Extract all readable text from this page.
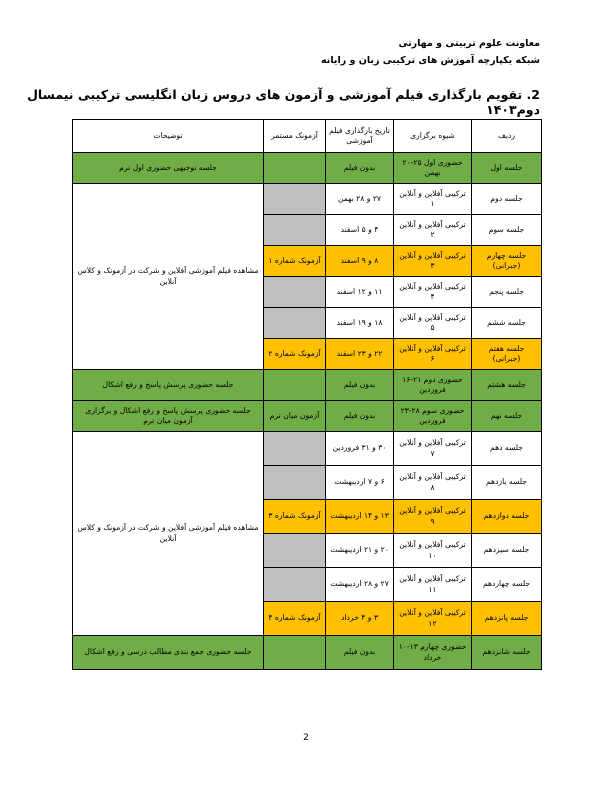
معاونت علوم تربیتی و مهارتی
شبکه یکپارچه آموزش های ترکیبی زبان و رایانه
2. تقویم بارگذاری فیلم آموزشی و آزمون های دروس زبان انگلیسی ترکیبی نیمسال دوم۱۴۰۳
ردیف	شیوه برگزاری	تاریخ بارگذاری فیلم آموزشی	آزمونک مستمر	توضیحات
جلسه اول	حضوری اول ۲۵-۲۰ بهمن	بدون فیلم		جلسه توجیهی حضوری اول ترم
جلسه دوم	ترکیبی آفلاین و آنلاین ۱	۲۷ و ۲۸ بهمن		مشاهده فیلم آموزشی آفلاین و شرکت در آزمونک و کلاس آنلاین
جلسه سوم	ترکیبی آفلاین و آنلاین ۲	۴ و ۵ اسفند		
جلسه چهارم (جبرانی)	ترکیبی آفلاین و آنلاین ۳	۸ و ۹ اسفند	آزمونک شماره ۱	
جلسه پنجم	ترکیبی آفلاین و آنلاین ۴	۱۱ و ۱۲ اسفند		
جلسه ششم	ترکیبی آفلاین و آنلاین ۵	۱۸ و ۱۹ اسفند		
جلسه هفتم (جبرانی)	ترکیبی آفلاین و آنلاین ۶	۲۲ و ۲۳ اسفند	آزمونک شماره ۲	
جلسه هشتم	حضوری دوم ۲۱-۱۶ فروردین	بدون فیلم		جلسه حضوری پرسش پاسخ و رفع اشکال
جلسه نهم	حضوری سوم ۲۸-۲۳ فروردین	بدون فیلم	آزمون میان ترم	جلسه حضوری پرسش پاسخ و رفع اشکال و برگزاری آزمون میان ترم
جلسه دهم	ترکیبی آفلاین و آنلاین ۷	۳۰ و ۳۱ فروردین		مشاهده فیلم آموزشی آفلاین و شرکت در آزمونک و کلاس آنلاین
جلسه یازدهم	ترکیبی آفلاین و آنلاین ۸	۶ و ۷ اردیبهشت		
جلسه دوازدهم	ترکیبی آفلاین و آنلاین ۹	۱۳ و ۱۴ اردیبهشت	آزمونک شماره ۳	
جلسه سیزدهم	ترکیبی آفلاین و آنلاین ۱۰	۲۰ و ۲۱ اردیبهشت		
جلسه چهاردهم	ترکیبی آفلاین و آنلاین ۱۱	۲۷ و ۲۸ اردیبهشت		
جلسه پانزدهم	ترکیبی آفلاین و آنلاین ۱۲	۳ و ۴ خرداد	آزمونک شماره ۴	
جلسه شانزدهم	حضوری چهارم ۱۳-۱۰ خرداد	بدون فیلم		جلسه حضوری جمع بندی مطالب درسی و رفع اشکال
2
